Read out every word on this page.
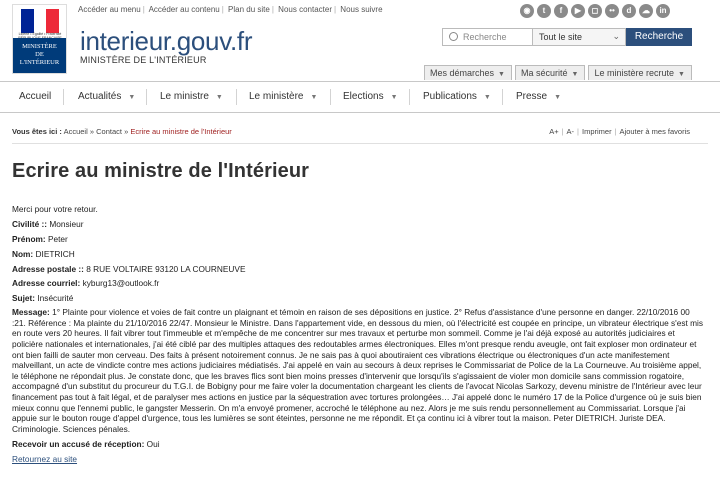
Accéder au menu | Accéder au contenu | Plan du site | Nous contacter | Nous suivre	◉	t	f	▶	◻	••	d	☁	in
Liberté • Égalité • Fraternité
MINISTÈRE
DE
L'INTÉRIEUR
interieur.gouv.fr
MINISTÈRE DE L'INTÉRIEUR
Recherche	Tout le site	⌄	Recherche
Mes démarches ▼	Ma sécurité ▼	Le ministère recrute ▼
Accueil	Actualités ▼ Le ministre ▼	Le ministère ▼	Elections ▼	Publications ▼	Presse ▼
Vous êtes ici : Accueil » Contact » Ecrire au ministre de l'Intérieur	A+ | A- | Imprimer | Ajouter à mes favoris
Ecrire au ministre de l'Intérieur
Merci pour votre retour.
Civilité :: Monsieur
Prénom: Peter
Nom: DIETRICH
Adresse postale :: 8 RUE VOLTAIRE 93120 LA COURNEUVE
Adresse courriel: kyburg13@outlook.fr
Sujet: Insécurité
Message: 1° Plainte pour violence et voies de fait contre un plaignant et témoin en raison de ses dépositions en justice. 2° Refus d'assistance d'une personne en danger. 22/10/2016 00 :21. Référence : Ma plainte du 21/10/2016 22/47. Monsieur le Ministre. Dans l'appartement vide, en dessous du mien, où l'électricité est coupée en principe, un vibrateur électrique s'est mis en route vers 20 heures. Il fait vibrer tout l'immeuble et m'empêche de me concentrer sur mes travaux et perturbe mon sommeil. Comme je l'ai déjà exposé au autorités judiciaires et policière nationales et internationales, j'ai été ciblé par des multiples attaques des redoutables armes électroniques. Elles m'ont presque rendu aveugle, ont fait exploser mon ordinateur et ont bien failli de sauter mon cerveau. Des faits à présent notoirement connus. Je ne sais pas à quoi aboutiraient ces vibrations électrique ou électroniques d'un acte manifestement malveillant, un acte de vindicte contre mes actions judiciaires médiatisés. J'ai appelé en vain au secours à deux reprises le Commissariat de Police de la La Courneuve. Au troisième appel, le téléphone ne répondait plus. Je constate donc, que les braves flics sont bien moins presses d'intervenir que lorsqu'ils s'agissaient de violer mon domicile sans commission rogatoire, accompagné d'un substitut du procureur du T.G.I. de Bobigny pour me faire voler la documentation chargeant les clients de l'avocat Nicolas Sarkozy, devenu ministre de l'Intérieur avec leur financement pas tout à fait légal, et de paralyser mes actions en justice par la séquestration avec tortures prolongées… J'ai appelé donc le numéro 17 de la Police d'urgence où je suis bien mieux connu que l'ennemi public, le gangster Messerin. On m'a envoyé promener, accroché le téléphone au nez. Alors je me suis rendu personnellement au Commissariat. Lorsque j'ai appuie sur le bouton rouge d'appel d'urgence, tous les lumières se sont éteintes, personne ne me répondit. Et ça continu ici à vibrer tout la maison. Peter DIETRICH. Juriste DEA. Criminologie. Sciences pénales.
Recevoir un accusé de réception: Oui
Retournez au site
